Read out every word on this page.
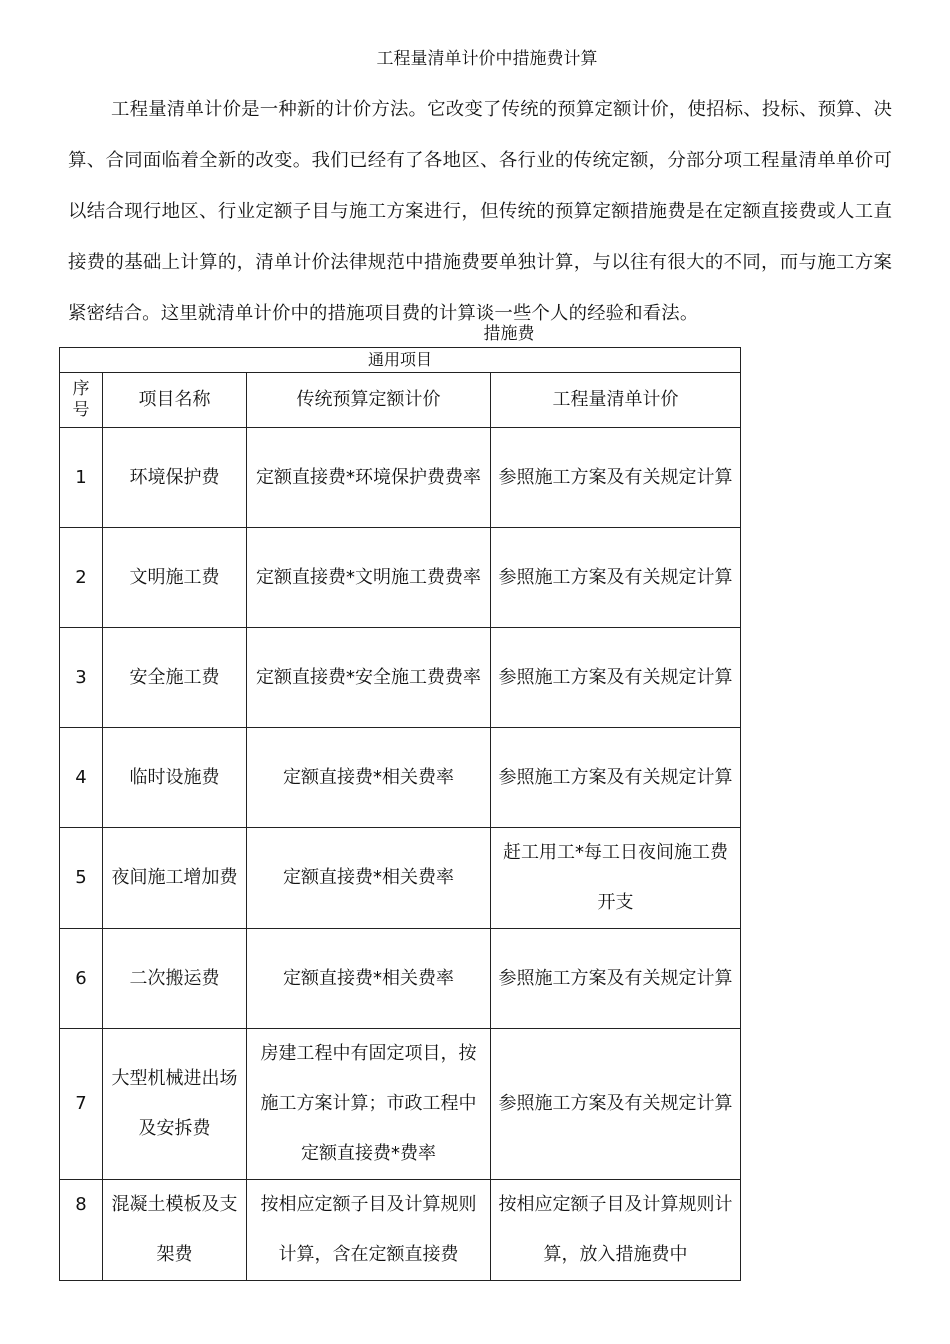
工程量清单计价中措施费计算

工程量清单计价是一种新的计价方法。它改变了传统的预算定额计价，使招标、投标、预算、决算、合同面临着全新的改变。我们已经有了各地区、各行业的传统定额，分部分项工程量清单单价可以结合现行地区、行业定额子目与施工方案进行，但传统的预算定额措施费是在定额直接费或人工直接费的基础上计算的，清单计价法律规范中措施费要单独计算，与以往有很大的不同，而与施工方案紧密结合。这里就清单计价中的措施项目费的计算谈一些个人的经验和看法。

措施费
通用项目			

序号	项目名称	传统预算定额计价	工程量清单计价
1	环境保护费	定额直接费*环境保护费费率	参照施工方案及有关规定计算
2	文明施工费	定额直接费*文明施工费费率	参照施工方案及有关规定计算
3	安全施工费	定额直接费*安全施工费费率	参照施工方案及有关规定计算
4	临时设施费	定额直接费*相关费率	参照施工方案及有关规定计算
5	夜间施工增加费	定额直接费*相关费率	赶工用工*每工日夜间施工费开支
6	二次搬运费	定额直接费*相关费率	参照施工方案及有关规定计算
7	大型机械进出场及安拆费	房建工程中有固定项目，按施工方案计算；市政工程中定额直接费*费率	参照施工方案及有关规定计算
8	混凝土模板及支架费	按相应定额子目及计算规则计算，含在定额直接费	按相应定额子目及计算规则计算，放入措施费中
